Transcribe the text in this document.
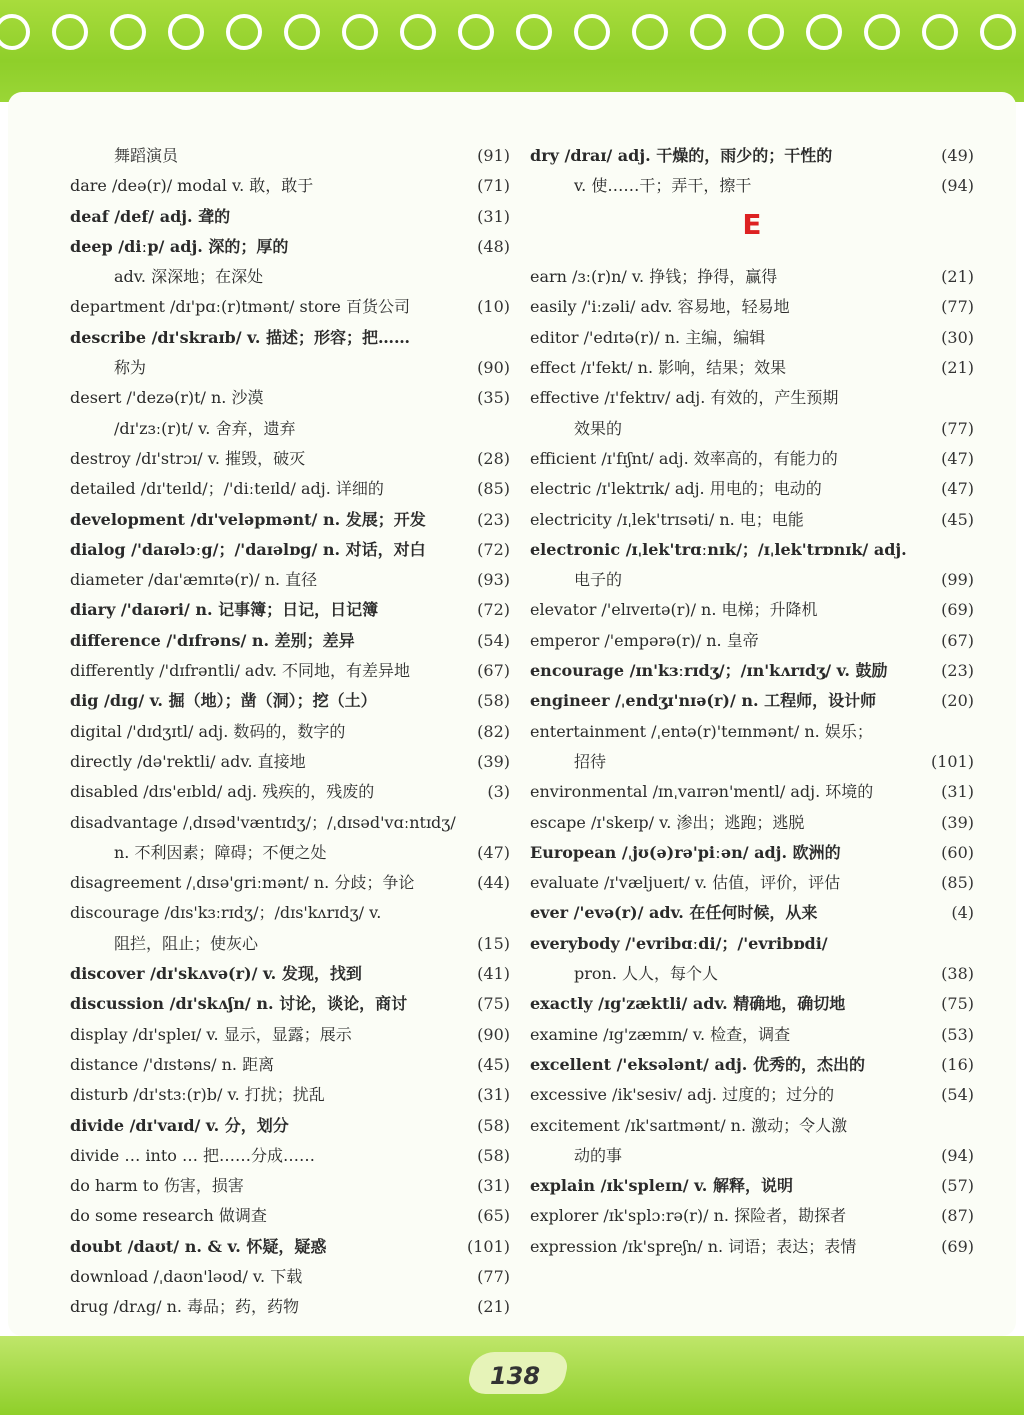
舞蹈演员	(91)
dare /deə(r)/ modal v. 敢，敢于	(71)
deaf /def/ adj. 聋的	(31)
deep /diːp/ adj. 深的；厚的	(48)
adv. 深深地；在深处
department /dɪ'pɑː(r)tmənt/ store 百货公司	(10)
describe /dɪ'skraɪb/ v. 描述；形容；把……
称为	(90)
desert /'dezə(r)t/ n. 沙漠	(35)
/dɪ'zɜː(r)t/ v. 舍弃，遗弃
destroy /dɪ'strɔɪ/ v. 摧毁，破灭	(28)
detailed /dɪ'teɪld/；/'diːteɪld/ adj. 详细的	(85)
development /dɪ'veləpmənt/ n. 发展；开发	(23)
dialog /'daɪəlɔːg/；/'daɪəlɒg/ n. 对话，对白	(72)
diameter /daɪ'æmɪtə(r)/ n. 直径	(93)
diary /'daɪəri/ n. 记事簿；日记，日记簿	(72)
difference /'dɪfrəns/ n. 差别；差异	(54)
differently /'dɪfrəntli/ adv. 不同地，有差异地	(67)
dig /dɪg/ v. 掘（地）；凿（洞）；挖（土）	(58)
digital /'dɪdʒɪtl/ adj. 数码的，数字的	(82)
directly /də'rektli/ adv. 直接地	(39)
disabled /dɪs'eɪbld/ adj. 残疾的，残废的	(3)
disadvantage /ˌdɪsəd'væntɪdʒ/；/ˌdɪsəd'vɑːntɪdʒ/
n. 不利因素；障碍；不便之处	(47)
disagreement /ˌdɪsə'griːmənt/ n. 分歧；争论	(44)
discourage /dɪs'kɜːrɪdʒ/；/dɪs'kʌrɪdʒ/ v.
阻拦，阻止；使灰心	(15)
discover /dɪ'skʌvə(r)/ v. 发现，找到	(41)
discussion /dɪ'skʌʃn/ n. 讨论，谈论，商讨	(75)
display /dɪ'spleɪ/ v. 显示，显露；展示	(90)
distance /'dɪstəns/ n. 距离	(45)
disturb /dɪ'stɜː(r)b/ v. 打扰；扰乱	(31)
divide /dɪ'vaɪd/ v. 分，划分	(58)
divide … into … 把……分成……	(58)
do harm to 伤害，损害	(31)
do some research 做调查	(65)
doubt /daʊt/ n. & v. 怀疑，疑惑	(101)
download /ˌdaʊn'ləʊd/ v. 下载	(77)
drug /drʌg/ n. 毒品；药，药物	(21)
dry /draɪ/ adj. 干燥的，雨少的；干性的	(49)
v. 使……干；弄干，擦干	(94)
E
earn /ɜː(r)n/ v. 挣钱；挣得，赢得	(21)
easily /'iːzəli/ adv. 容易地，轻易地	(77)
editor /'edɪtə(r)/ n. 主编，编辑	(30)
effect /ɪ'fekt/ n. 影响，结果；效果	(21)
effective /ɪ'fektɪv/ adj. 有效的，产生预期
效果的	(77)
efficient /ɪ'fɪʃnt/ adj. 效率高的，有能力的	(47)
electric /ɪ'lektrɪk/ adj. 用电的；电动的	(47)
electricity /ɪˌlek'trɪsəti/ n. 电；电能	(45)
electronic /ɪˌlek'trɑːnɪk/；/ɪˌlek'trɒnɪk/ adj.
电子的	(99)
elevator /'elɪveɪtə(r)/ n. 电梯；升降机	(69)
emperor /'empərə(r)/ n. 皇帝	(67)
encourage /ɪn'kɜːrɪdʒ/；/ɪn'kʌrɪdʒ/ v. 鼓励	(23)
engineer /ˌendʒɪ'nɪə(r)/ n. 工程师，设计师	(20)
entertainment /ˌentə(r)'teɪnmənt/ n. 娱乐；
招待	(101)
environmental /ɪnˌvaɪrən'mentl/ adj. 环境的	(31)
escape /ɪ'skeɪp/ v. 渗出；逃跑；逃脱	(39)
European /ˌjʊ(ə)rə'piːən/ adj. 欧洲的	(60)
evaluate /ɪ'væljueɪt/ v. 估值，评价，评估	(85)
ever /'evə(r)/ adv. 在任何时候，从来	(4)
everybody /'evribɑːdi/；/'evribɒdi/
pron. 人人，每个人	(38)
exactly /ɪg'zæktli/ adv. 精确地，确切地	(75)
examine /ɪg'zæmɪn/ v. 检查，调查	(53)
excellent /'eksələnt/ adj. 优秀的，杰出的	(16)
excessive /ik'sesiv/ adj. 过度的；过分的	(54)
excitement /ɪk'saɪtmənt/ n. 激动；令人激
动的事	(94)
explain /ɪk'spleɪn/ v. 解释，说明	(57)
explorer /ɪk'splɔːrə(r)/ n. 探险者，勘探者	(87)
expression /ɪk'spreʃn/ n. 词语；表达；表情	(69)
138
